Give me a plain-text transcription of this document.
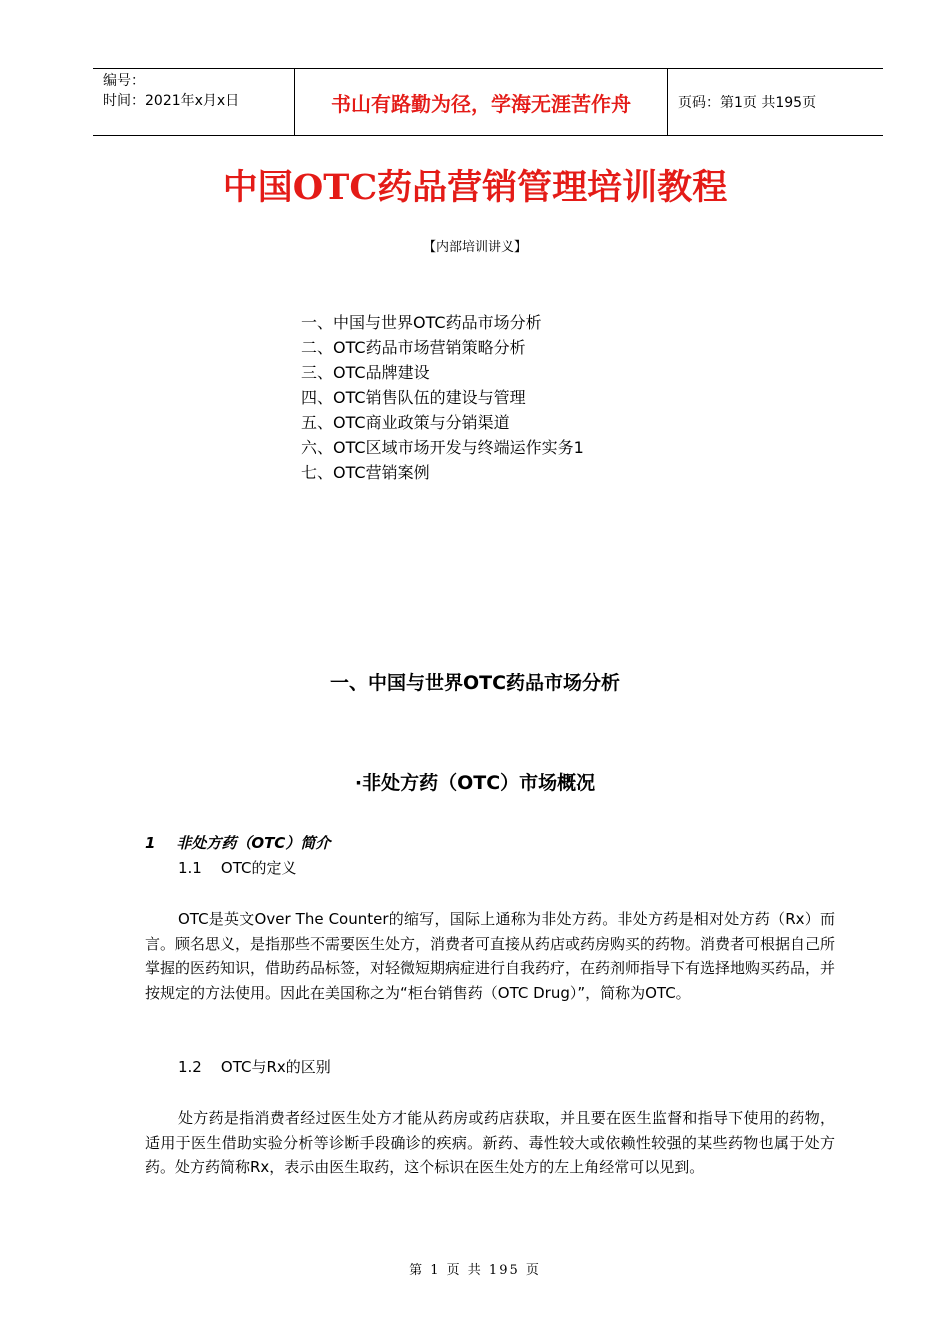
编号：
时间：2021年x月x日	书山有路勤为径，学海无涯苦作舟	页码：第1页 共195页
中国OTC药品营销管理培训教程
【内部培训讲义】
一、中国与世界OTC药品市场分析
二、OTC药品市场营销策略分析
三、OTC品牌建设
四、OTC销售队伍的建设与管理
五、OTC商业政策与分销渠道
六、OTC区域市场开发与终端运作实务1
七、OTC营销案例
一、中国与世界OTC药品市场分析
·非处方药（OTC）市场概况
1    非处方药（OTC）简介
1.1    OTC的定义
OTC是英文Over The Counter的缩写，国际上通称为非处方药。非处方药是相对处方药（Rx）而言。顾名思义，是指那些不需要医生处方，消费者可直接从药店或药房购买的药物。消费者可根据自己所掌握的医药知识，借助药品标签，对轻微短期病症进行自我药疗，在药剂师指导下有选择地购买药品，并按规定的方法使用。因此在美国称之为“柜台销售药（OTC Drug）”，简称为OTC。
1.2    OTC与Rx的区别
处方药是指消费者经过医生处方才能从药房或药店获取，并且要在医生监督和指导下使用的药物，适用于医生借助实验分析等诊断手段确诊的疾病。新药、毒性较大或依赖性较强的某些药物也属于处方药。处方药简称Rx，表示由医生取药，这个标识在医生处方的左上角经常可以见到。
第 1 页 共 195 页
